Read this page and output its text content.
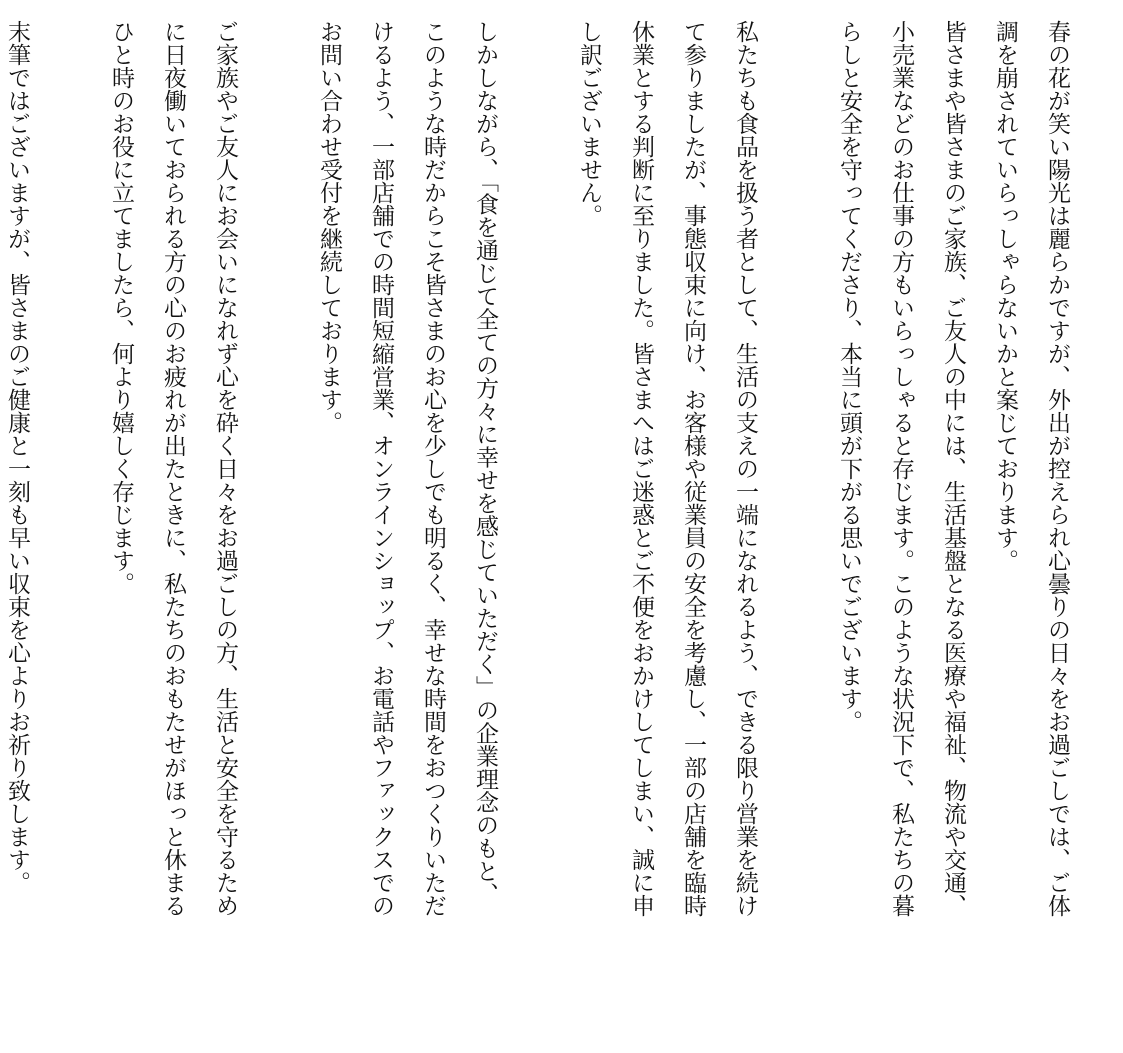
春の花が笑い陽光は麗らかですが、外出が控えられ心曇りの日々をお過ごしでは、ご体
調を崩されていらっしゃらないかと案じております。
皆さまや皆さまのご家族、ご友人の中には、生活基盤となる医療や福祉、物流や交通、
小売業などのお仕事の方もいらっしゃると存じます。このような状況下で、私たちの暮
らしと安全を守ってくださり、本当に頭が下がる思いでございます。
私たちも食品を扱う者として、生活の支えの一端になれるよう、できる限り営業を続け
て参りましたが、事態収束に向け、お客様や従業員の安全を考慮し、一部の店舗を臨時
休業とする判断に至りました。皆さまへはご迷惑とご不便をおかけしてしまい、誠に申
し訳ございません。
しかしながら、「食を通じて全ての方々に幸せを感じていただく」の企業理念のもと、
このような時だからこそ皆さまのお心を少しでも明るく、幸せな時間をおつくりいただ
けるよう、一部店舗での時間短縮営業、オンラインショップ、お電話やファックスでの
お問い合わせ受付を継続しております。
ご家族やご友人にお会いになれず心を砕く日々をお過ごしの方、生活と安全を守るため
に日夜働いておられる方の心のお疲れが出たときに、私たちのおもたせがほっと休まる
ひと時のお役に立てましたら、何より嬉しく存じます。
末筆ではございますが、皆さまのご健康と一刻も早い収束を心よりお祈り致します。
